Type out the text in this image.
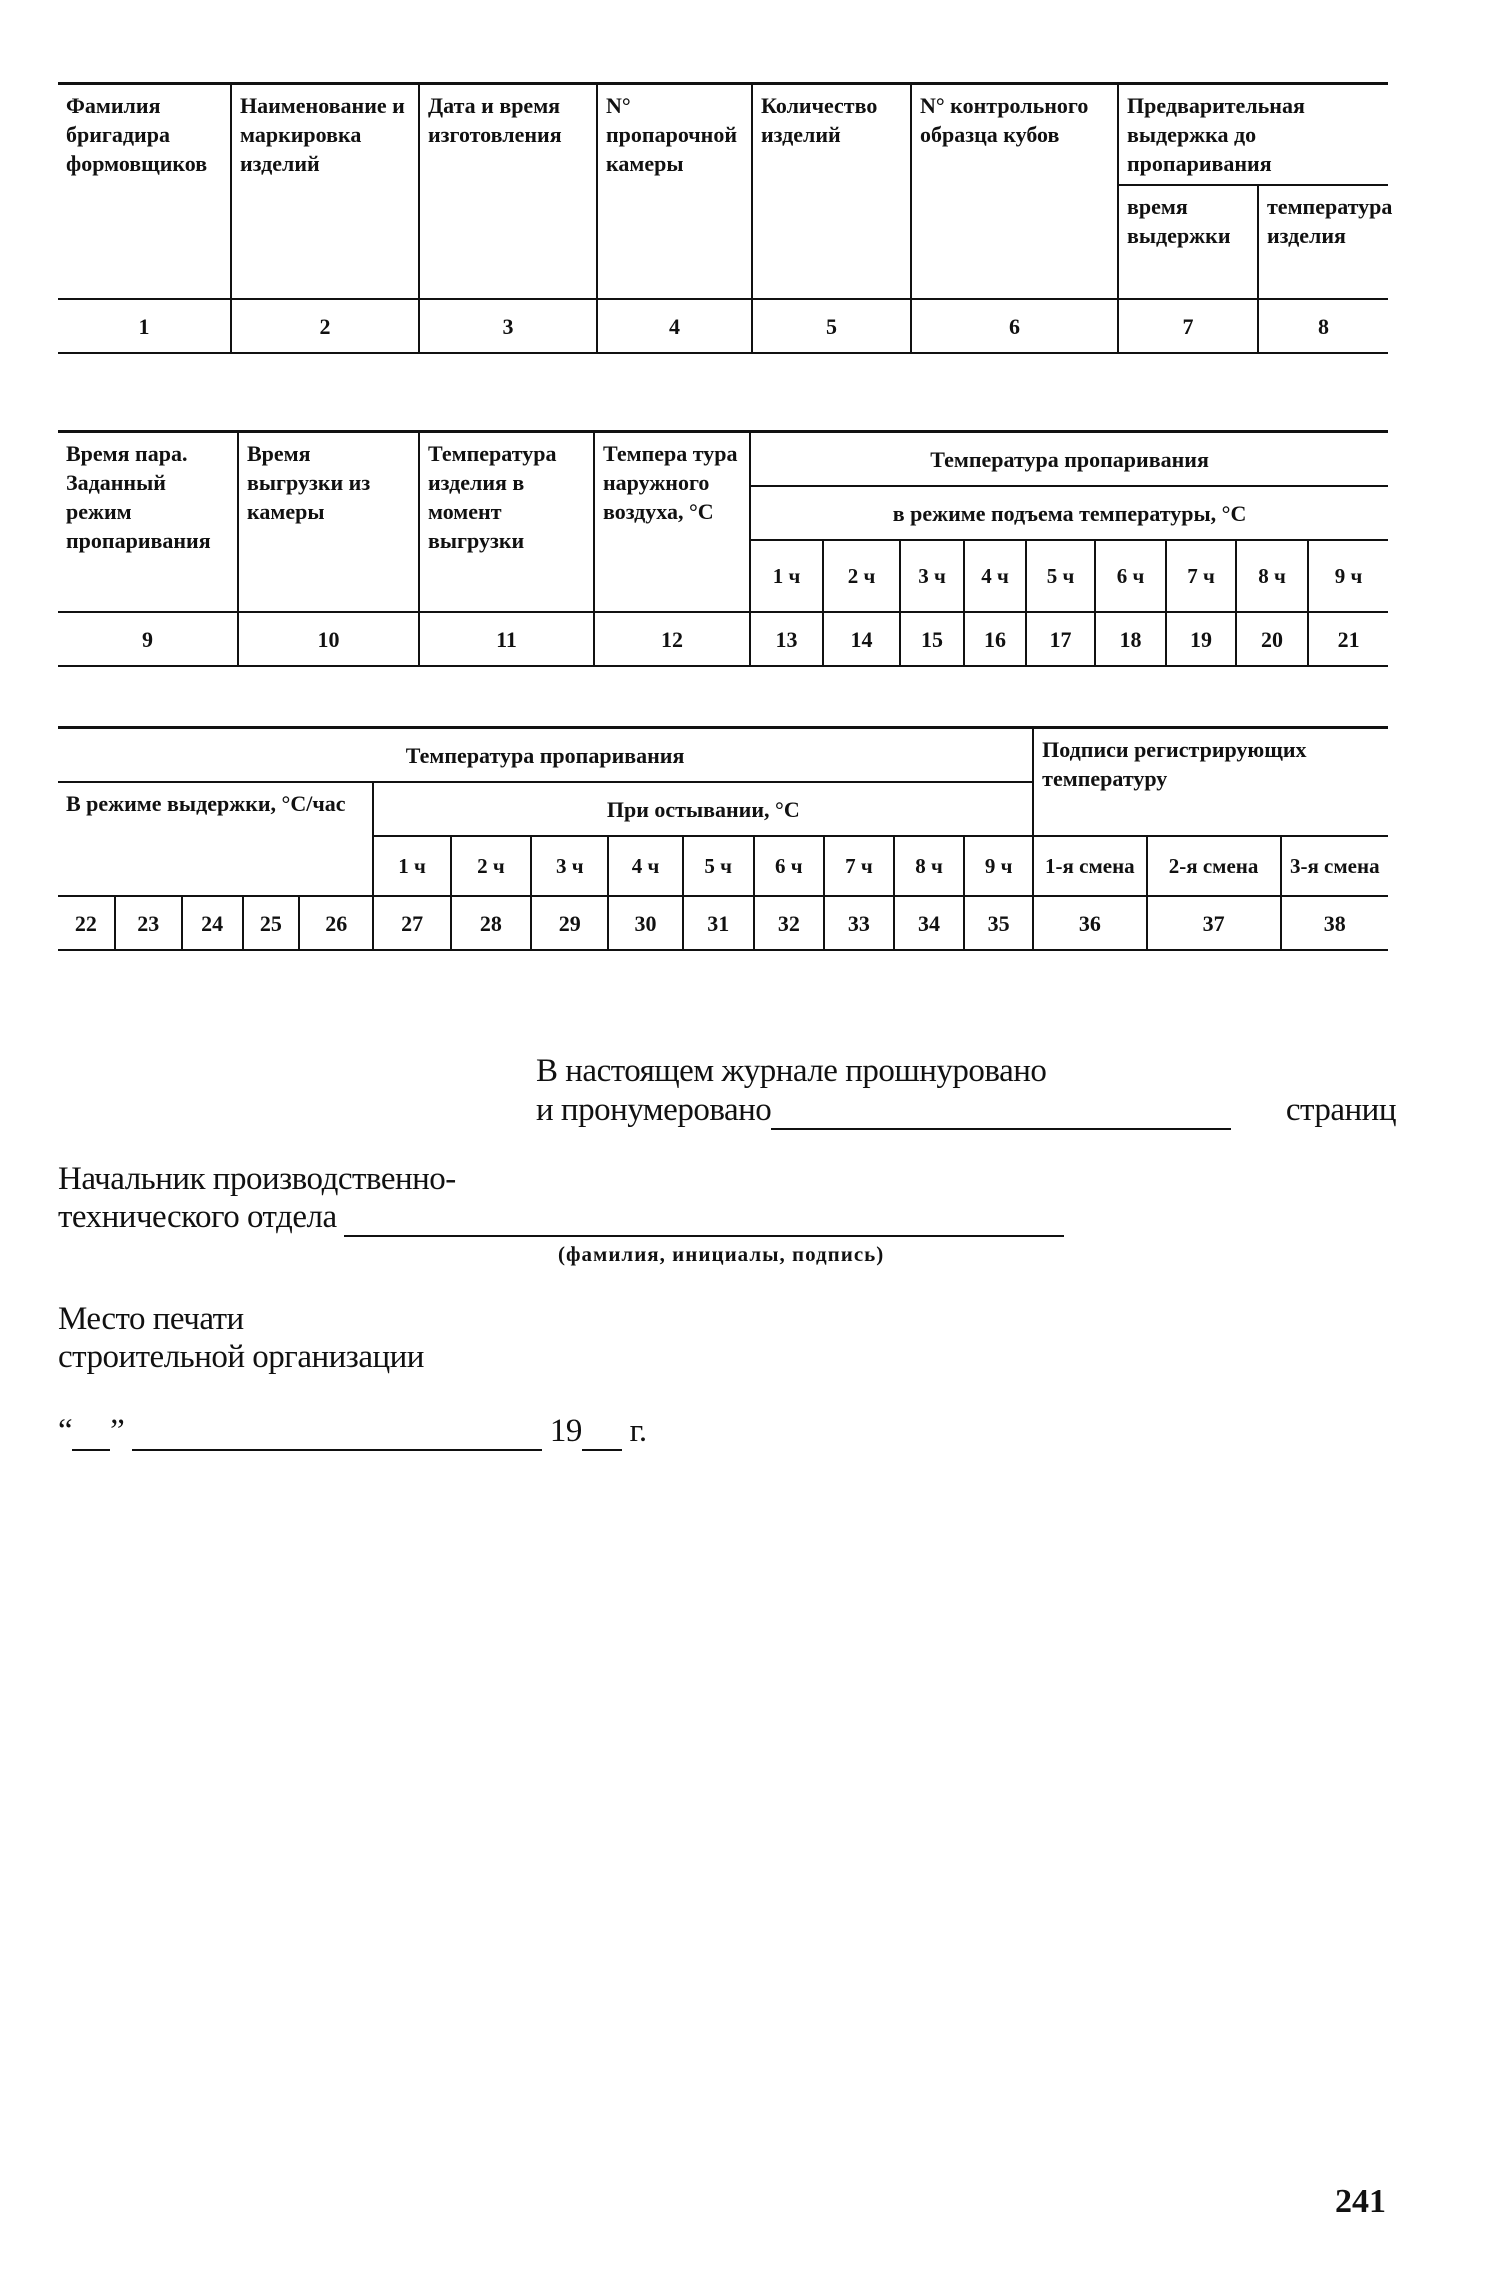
Фамилия бригадира формовщиков	Наименование и маркировка изделий	Дата и время изготовления	N° пропарочной камеры	Количество изделий	N° контрольного образца кубов	Предварительная выдержка до пропаривания	
						время выдержки	температура изделия
1	2	3	4	5	6	7	8
Время пара. Заданный режим пропаривания	Время выгрузки из камеры	Температура изделия в момент выгрузки	Темпера тура наружного воздуха, °С	Температура пропаривания								
				в режиме подъема температуры, °С								
				1 ч	2 ч	3 ч	4 ч	5 ч	6 ч	7 ч	8 ч	9 ч
9	10	11	12	13	14	15	16	17	18	19	20	21
Температура пропаривания														Подписи регистрирующих температуру		
В режиме выдержки, °С/час					При остывании, °С											
					1 ч	2 ч	3 ч	4 ч	5 ч	6 ч	7 ч	8 ч	9 ч	1-я смена	2-я смена	3-я смена
22	23	24	25	26	27	28	29	30	31	32	33	34	35	36	37	38
В настоящем журнале прошнуровано
и пронумеровано	страниц
Начальник производственно-
технического отдела
(фамилия, инициалы, подпись)
Место печати
строительной организации
“ ”	19 г.
241
